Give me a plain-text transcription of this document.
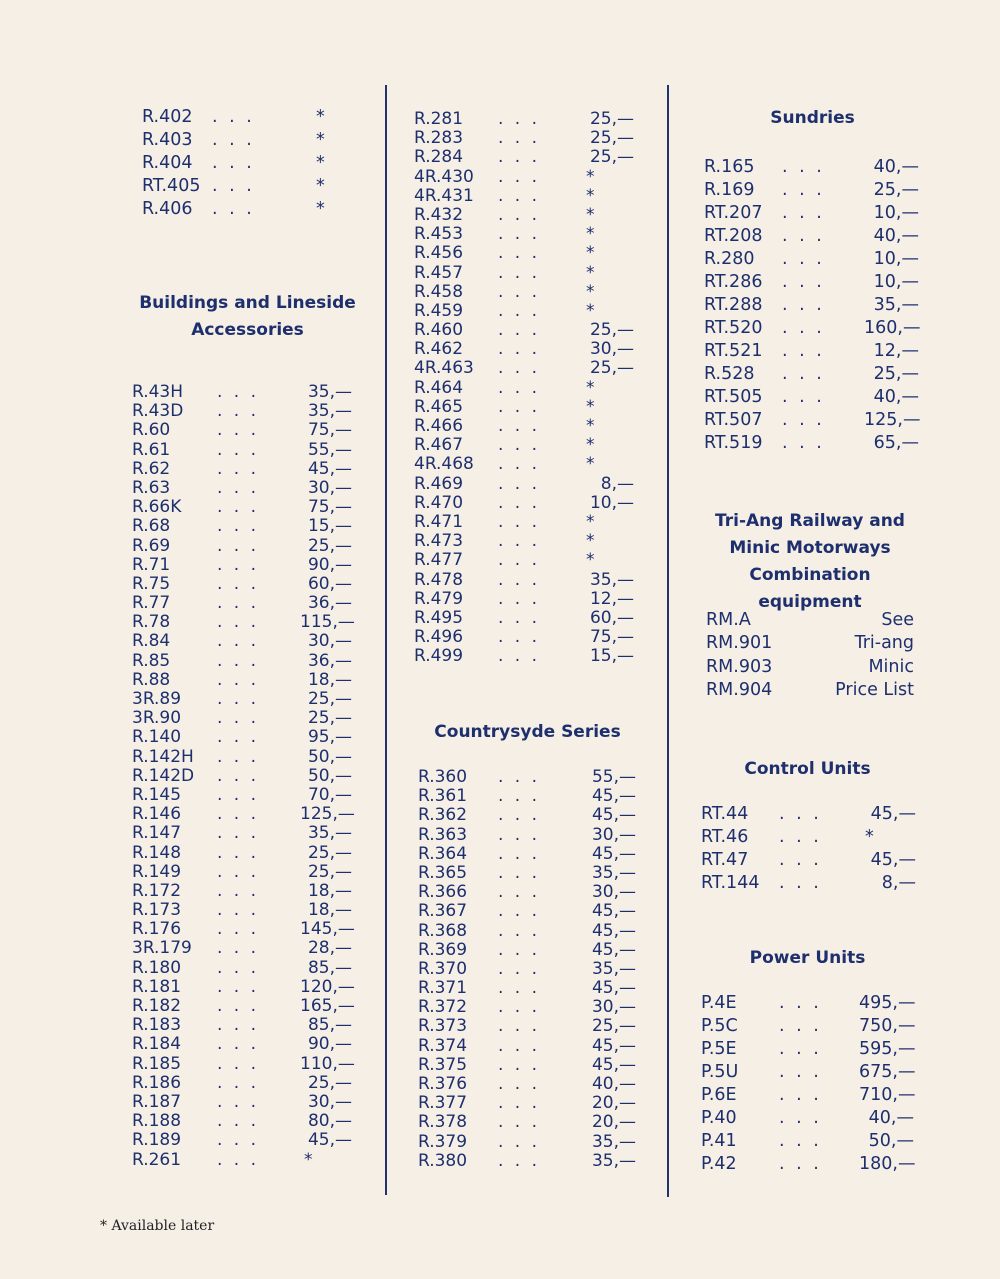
R.402 . . .	*
R.403 . . .	*
R.404 . . .	*
RT.405 . . .	*
R.406 . . .	*
Buildings and Lineside
Accessories
R.43H . . .	35,—
R.43D . . .	35,—
R.60	. . .	75,—
R.61	. . .	55,—
R.62	. . .	45,—
R.63	. . .	30,—
R.66K . . .	75,—
R.68	. . .	15,—
R.69	. . .	25,—
R.71	. . .	90,—
R.75	. . .	60,—
R.77	. . .	36,—
R.78	. . . 115,—
R.84	. . .	30,—
R.85	. . .	36,—
R.88	. . .	18,—
3R.89 . . .	25,—
3R.90 . . .	25,—
R.140 . . .	95,—
R.142H . . .	50,—
R.142D . . .	50,—
R.145 . . .	70,—
R.146 . . . 125,—
R.147 . . .	35,—
R.148 . . .	25,—
R.149 . . .	25,—
R.172 . . .	18,—
R.173 . . .	18,—
R.176 . . . 145,—
3R.179 . . .	28,—
R.180 . . .	85,—
R.181 . . . 120,—
R.182 . . . 165,—
R.183 . . .	85,—
R.184 . . .	90,—
R.185 . . . 110,—
R.186 . . .	25,—
R.187 . . .	30,—
R.188 . . .	80,—
R.189 . . .	45,—
R.261 . . .	*
R.281 . . .	25,—
R.283 . . .	25,—
R.284 . . .	25,—
4R.430 . . .	*
4R.431 . . .	*
R.432 . . .	*
R.453 . . .	*
R.456 . . .	*
R.457 . . .	*
R.458 . . .	*
R.459 . . .	*
R.460 . . .	25,—
R.462 . . .	30,—
4R.463 . . .	25,—
R.464 . . .	*
R.465 . . .	*
R.466 . . .	*
R.467 . . .	*
4R.468 . . .	*
R.469 . . .	8,—
R.470 . . .	10,—
R.471 . . .	*
R.473 . . .	*
R.477 . . .	*
R.478 . . .	35,—
R.479 . . .	12,—
R.495 . . .	60,—
R.496 . . .	75,—
R.499 . . .	15,—
Countrysyde Series
R.360 . . .	55,—
R.361 . . .	45,—
R.362 . . .	45,—
R.363 . . .	30,—
R.364 . . .	45,—
R.365 . . .	35,—
R.366 . . .	30,—
R.367 . . .	45,—
R.368 . . .	45,—
R.369 . . .	45,—
R.370 . . .	35,—
R.371 . . .	45,—
R.372 . . .	30,—
R.373 . . .	25,—
R.374 . . .	45,—
R.375 . . .	45,—
R.376 . . .	40,—
R.377 . . .	20,—
R.378 . . .	20,—
R.379 . . .	35,—
R.380 . . .	35,—
Sundries
R.165 . . .	40,—
R.169 . . .	25,—
RT.207 . . .	10,—
RT.208 . . .	40,—
R.280 . . .	10,—
RT.286 . . .	10,—
RT.288 . . .	35,—
RT.520 . . . 160,—
RT.521 . . .	12,—
R.528 . . .	25,—
RT.505 . . .	40,—
RT.507 . . . 125,—
RT.519 . . .	65,—
Tri-Ang Railway and
Minic Motorways
Combination equipment
RM.A	See
RM.901	Tri-ang
RM.903	Minic
RM.904	Price List
Control Units
RT.44 . . .	45,—
RT.46 . . . *
RT.47 . . .	45,—
RT.144 . . .	8,—
Power Units
P.4E . . . 495,—
P.5C . . . 750,—
P.5E . . . 595,—
P.5U . . . 675,—
P.6E . . . 710,—
P.40 . . .	40,—
P.41 . . .	50,—
P.42 . . . 180,—
* Available later
